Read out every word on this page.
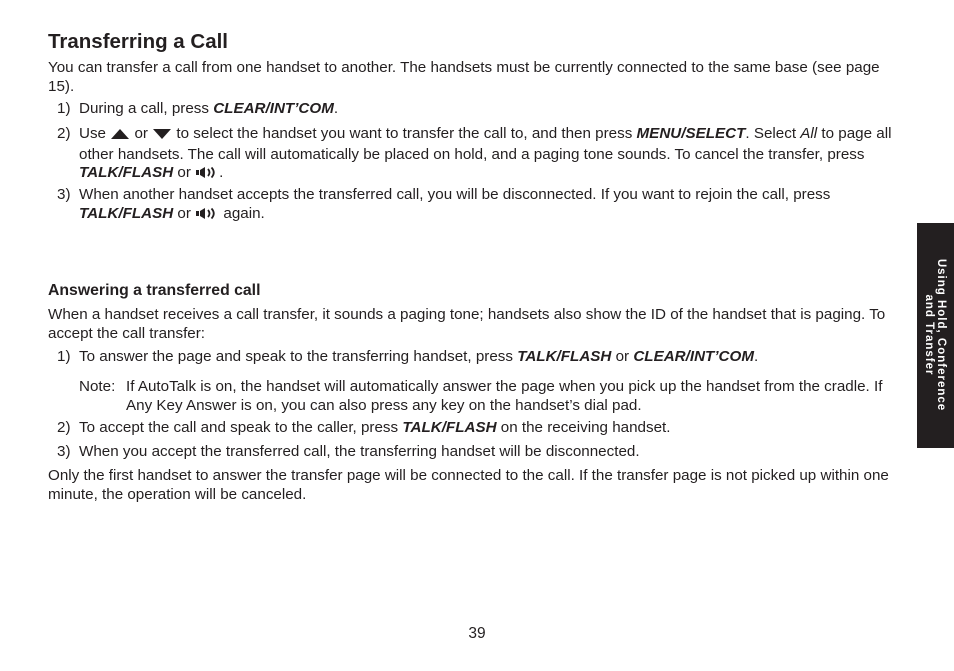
Transferring a Call

You can transfer a call from one handset to another. The handsets must be currently connected to the same base (see page 15).

1) During a call, press CLEAR/INT’COM.
2) Use  or  to select the handset you want to transfer the call to, and then press MENU/SELECT. Select All to page all other handsets. The call will automatically be placed on hold, and a paging tone sounds. To cancel the transfer, press TALK/FLASH or .
3) When another handset accepts the transferred call, you will be disconnected. If you want to rejoin the call, press TALK/FLASH or  again.
Answering a transferred call

When a handset receives a call transfer, it sounds a paging tone; handsets also show the ID of the handset that is paging. To accept the call transfer:

1) To answer the page and speak to the transferring handset, press TALK/FLASH or CLEAR/INT’COM.
Note: If AutoTalk is on, the handset will automatically answer the page when you pick up the handset from the cradle. If Any Key Answer is on, you can also press any key on the handset’s dial pad.
2) To accept the call and speak to the caller, press TALK/FLASH on the receiving handset.
3) When you accept the transferred call, the transferring handset will be disconnected.

Only the first handset to answer the transfer page will be connected to the call. If the transfer page is not picked up within one minute, the operation will be canceled.

Using Hold, Conference
and Transfer
39
